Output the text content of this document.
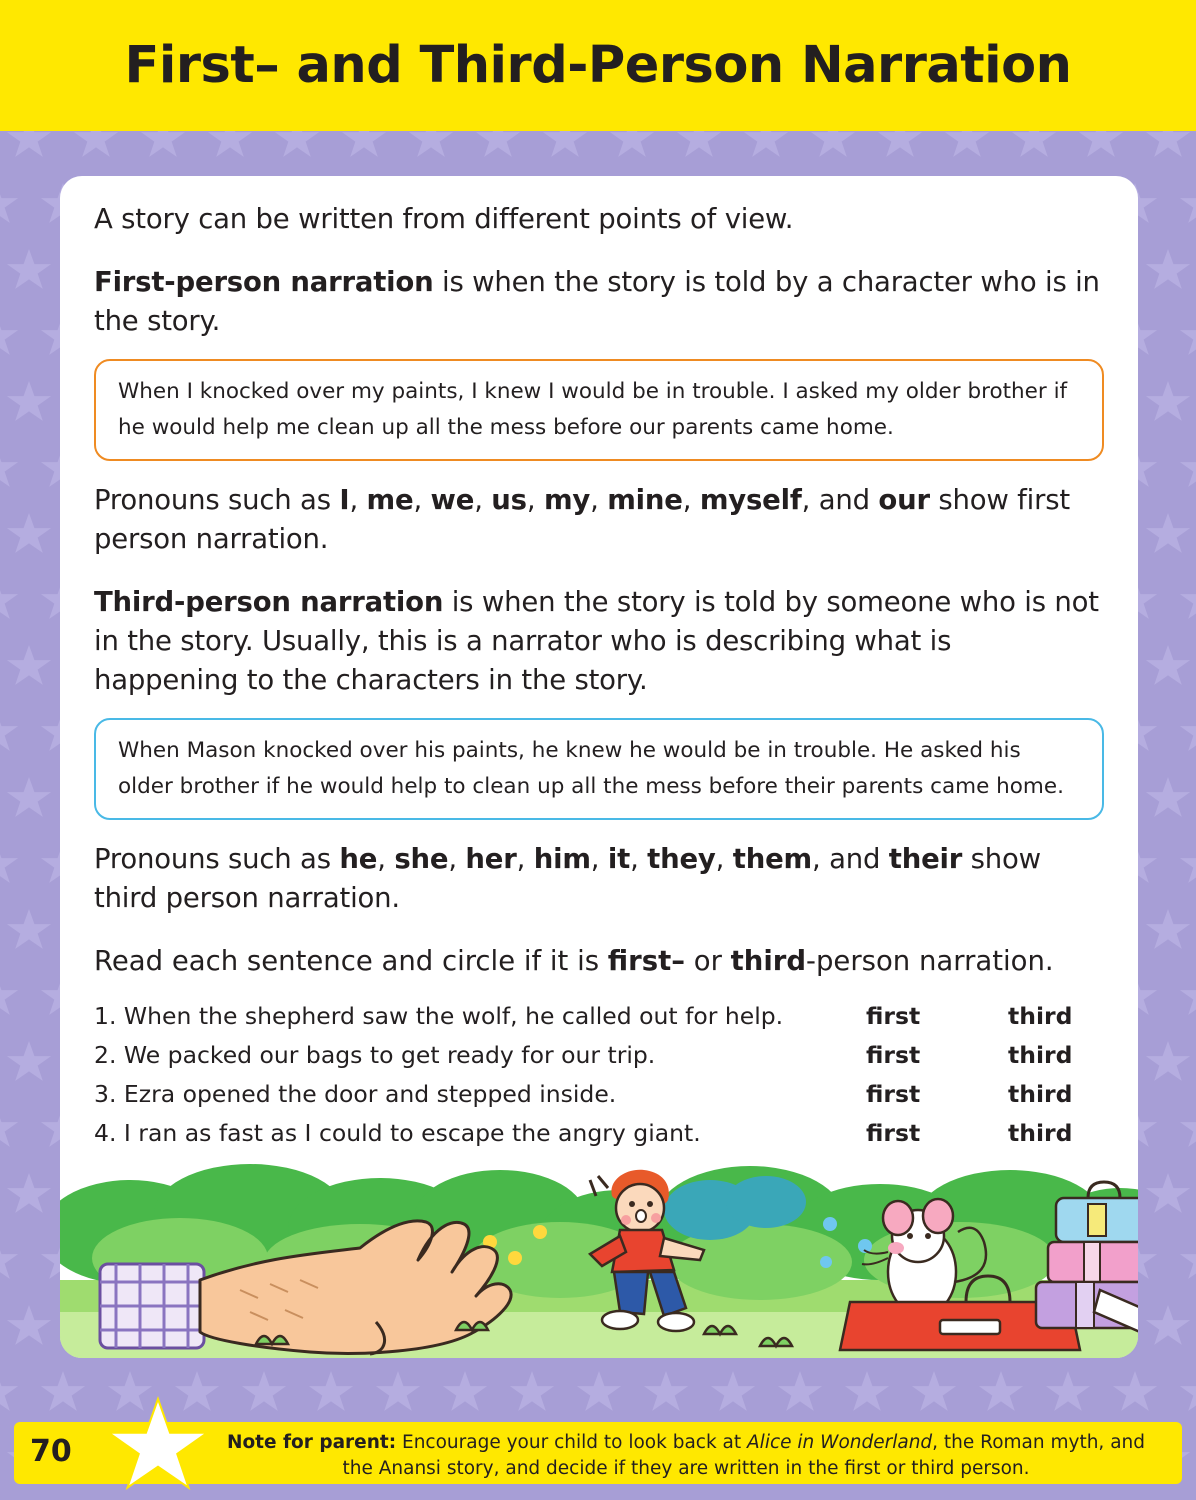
First– and Third-Person Narration

A story can be written from different points of view.

First-person narration is when the story is told by a character who is in the story.

When I knocked over my paints, I knew I would be in trouble. I asked my older brother if he would help me clean up all the mess before our parents came home.

Pronouns such as I, me, we, us, my, mine, myself, and our show first person narration.

Third-person narration is when the story is told by someone who is not in the story. Usually, this is a narrator who is describing what is happening to the characters in the story.

When Mason knocked over his paints, he knew he would be in trouble. He asked his older brother if he would help to clean up all the mess before their parents came home.

Pronouns such as he, she, her, him, it, they, them, and their show third person narration.

Read each sentence and circle if it is first– or third-person narration.

1. When the shepherd saw the wolf, he called out for help.	first	third
2. We packed our bags to get ready for our trip.	first	third
3. Ezra opened the door and stepped inside.	first	third
4. I ran as fast as I could to escape the angry giant.	first	third
70	Note for parent: Encourage your child to look back at Alice in Wonderland, the Roman myth, and the Anansi story, and decide if they are written in the first or third person.
